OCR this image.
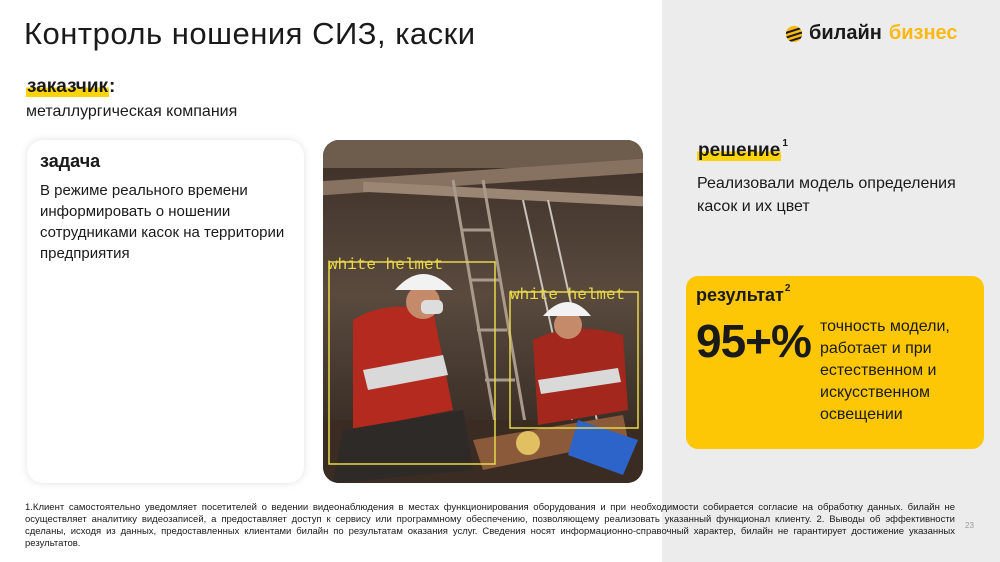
Контроль ношения СИЗ, каски	билайн бизнес
заказчик:
металлургическая компания
задача
В режиме реального времени информировать о ношении сотрудниками касок на территории предприятия
white helmet
white helmet
решение $^1$
Реализовали модель определения касок и их цвет
результат$^2$
95+% точность модели, работает и при естественном и искусственном освещении
1.Клиент самостоятельно уведомляет посетителей о ведении видеонаблюдения в местах функционирования оборудования и при необходимости собирается согласие на обработку данных. билайн не осуществляет аналитику видеозаписей, а предоставляет доступ к сервису или программному обеспечению, позволяющему реализовать указанный функционал клиенту. 2. Выводы об эффективности сделаны, исходя из данных, предоставленных клиентами билайн по результатам оказания услуг. Сведения носят информационно-справочный характер, билайн не гарантирует достижение указанных результатов.
23
